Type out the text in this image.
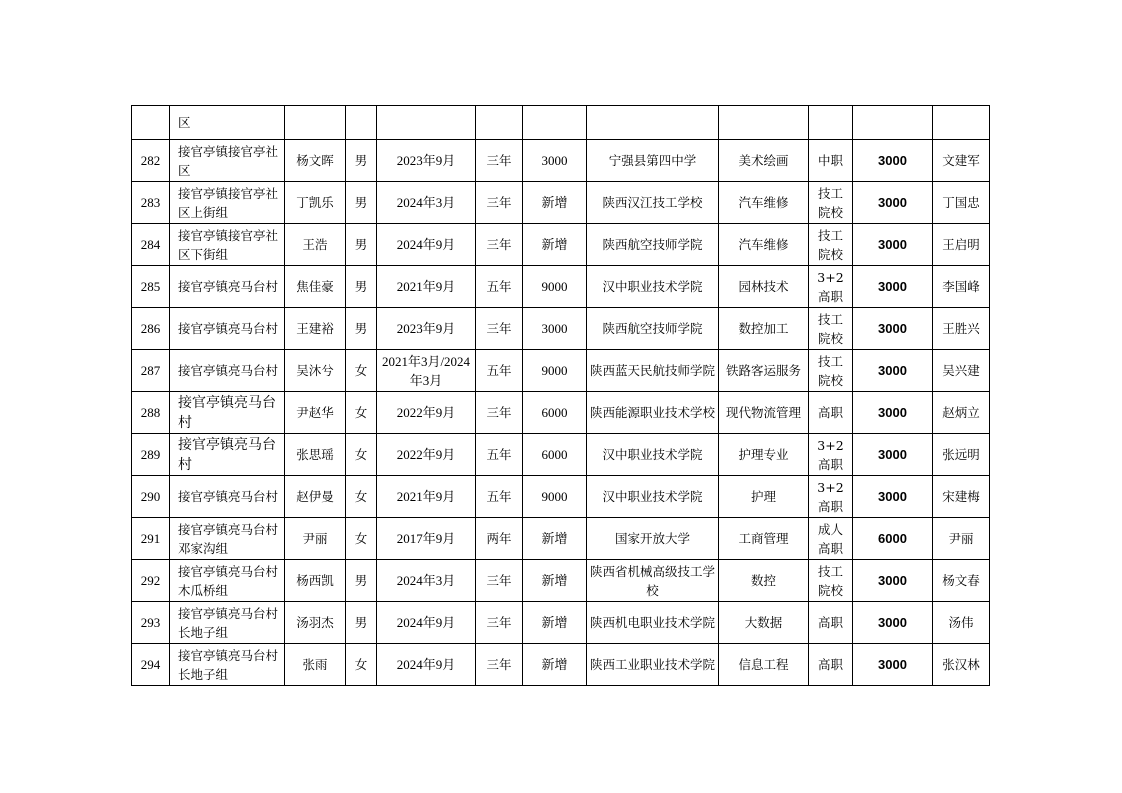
	区										
282	接官亭镇接官亭社区	杨文晖	男	2023年9月	三年	3000	宁强县第四中学	美术绘画	中职	3000	文建军
283	接官亭镇接官亭社区上街组	丁凯乐	男	2024年3月	三年	新增	陕西汉江技工学校	汽车维修	技工院校	3000	丁国忠
284	接官亭镇接官亭社区下街组	王浩	男	2024年9月	三年	新增	陕西航空技师学院	汽车维修	技工院校	3000	王启明
285	接官亭镇亮马台村	焦佳豪	男	2021年9月	五年	9000	汉中职业技术学院	园林技术	3+2高职	3000	李国峰
286	接官亭镇亮马台村	王建裕	男	2023年9月	三年	3000	陕西航空技师学院	数控加工	技工院校	3000	王胜兴
287	接官亭镇亮马台村	吴沐兮	女	2021年3月/2024年3月	五年	9000	陕西蓝天民航技师学院	铁路客运服务	技工院校	3000	吴兴建
288	接官亭镇亮马台村	尹赵华	女	2022年9月	三年	6000	陕西能源职业技术学校	现代物流管理	高职	3000	赵炳立
289	接官亭镇亮马台村	张思瑶	女	2022年9月	五年	6000	汉中职业技术学院	护理专业	3+2高职	3000	张远明
290	接官亭镇亮马台村	赵伊曼	女	2021年9月	五年	9000	汉中职业技术学院	护理	3+2高职	3000	宋建梅
291	接官亭镇亮马台村邓家沟组	尹丽	女	2017年9月	两年	新增	国家开放大学	工商管理	成人高职	6000	尹丽
292	接官亭镇亮马台村木瓜桥组	杨西凯	男	2024年3月	三年	新增	陕西省机械高级技工学校	数控	技工院校	3000	杨文春
293	接官亭镇亮马台村长地子组	汤羽杰	男	2024年9月	三年	新增	陕西机电职业技术学院	大数据	高职	3000	汤伟
294	接官亭镇亮马台村长地子组	张雨	女	2024年9月	三年	新增	陕西工业职业技术学院	信息工程	高职	3000	张汉林
